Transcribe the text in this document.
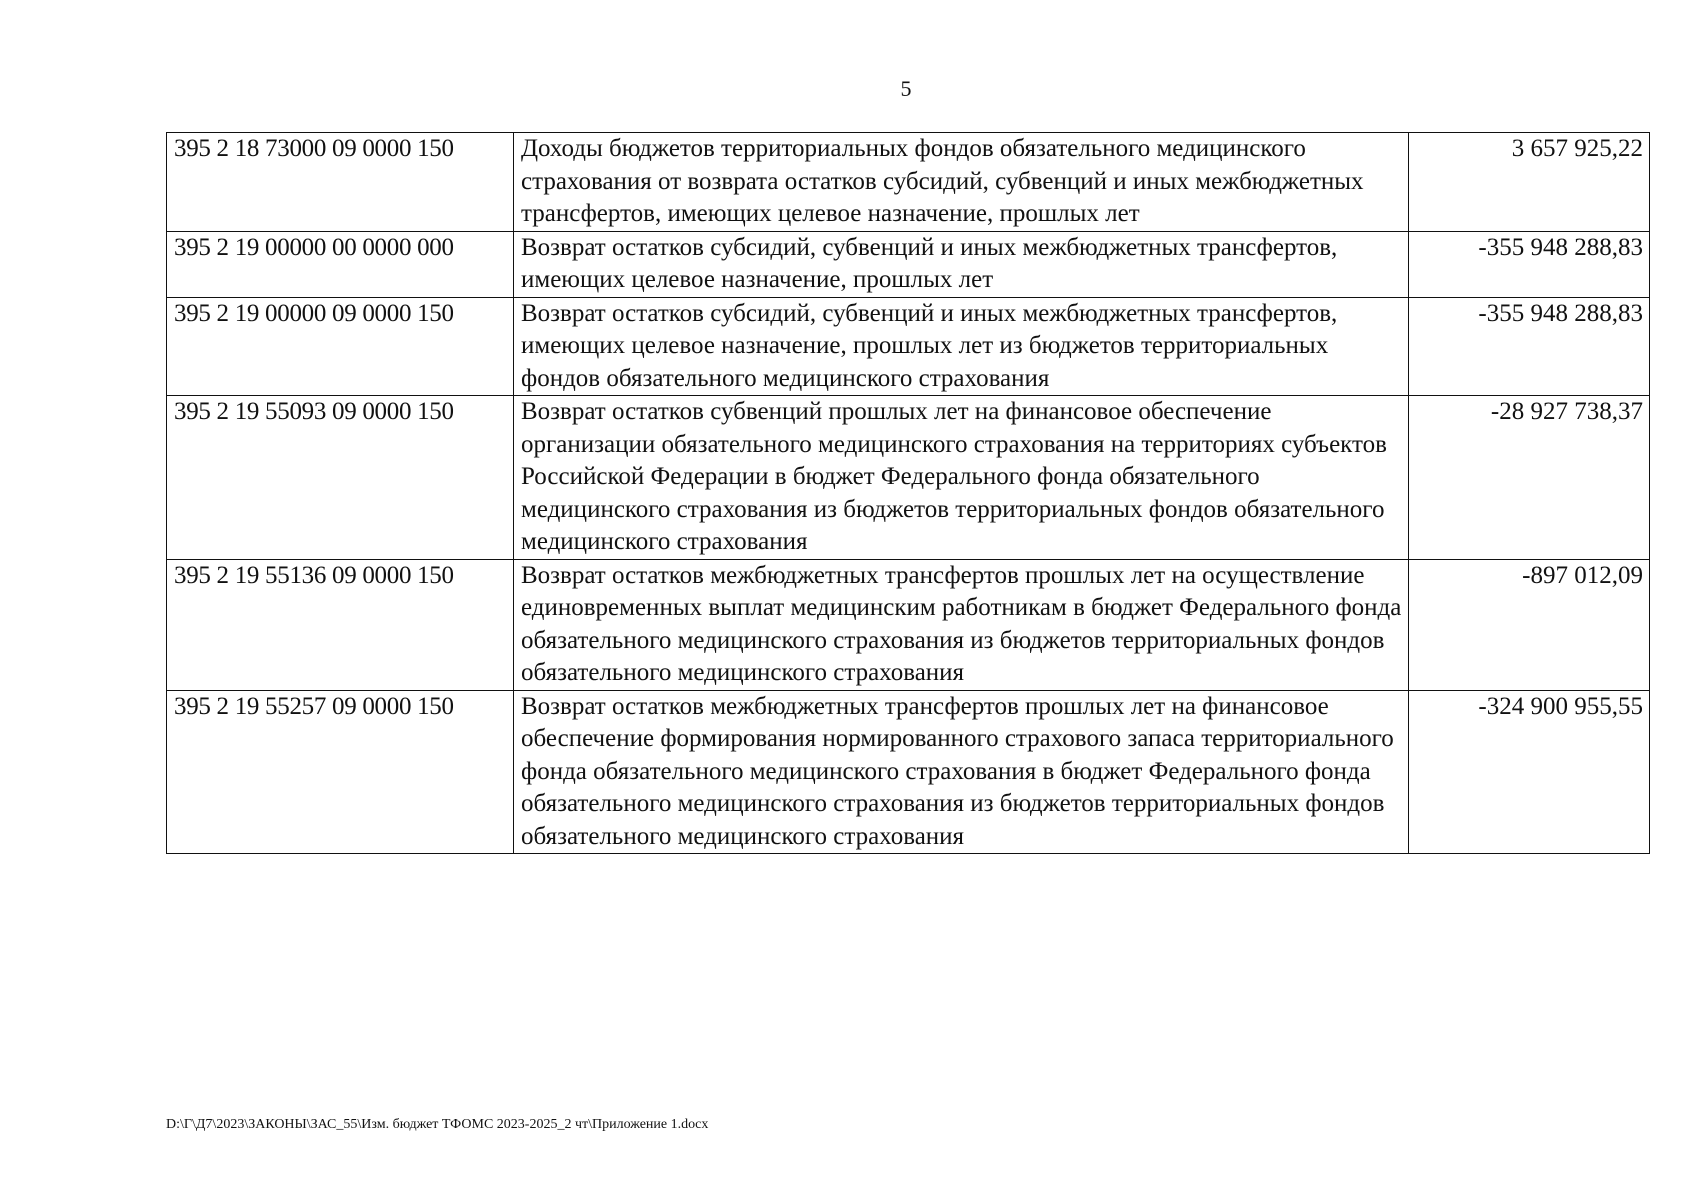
5
395 2 18 73000 09 0000 150	Доходы бюджетов территориальных фондов обязательного медицинского страхования от возврата остатков субсидий, субвенций и иных межбюджетных трансфертов, имеющих целевое назначение, прошлых лет	3 657 925,22
395 2 19 00000 00 0000 000	Возврат остатков субсидий, субвенций и иных межбюджетных трансфертов, имеющих целевое назначение, прошлых лет	-355 948 288,83
395 2 19 00000 09 0000 150	Возврат остатков субсидий, субвенций и иных межбюджетных трансфертов, имеющих целевое назначение, прошлых лет из бюджетов территориальных фондов обязательного медицинского страхования	-355 948 288,83
395 2 19 55093 09 0000 150	Возврат остатков субвенций прошлых лет на финансовое обеспечение организации обязательного медицинского страхования на территориях субъектов Российской Федерации в бюджет Федерального фонда обязательного медицинского страхования из бюджетов территориальных фондов обязательного медицинского страхования	-28 927 738,37
395 2 19 55136 09 0000 150	Возврат остатков межбюджетных трансфертов прошлых лет на осуществление единовременных выплат медицинским работникам в бюджет Федерального фонда обязательного медицинского страхования из бюджетов территориальных фондов обязательного медицинского страхования	-897 012,09
395 2 19 55257 09 0000 150	Возврат остатков межбюджетных трансфертов прошлых лет на финансовое обеспечение формирования нормированного страхового запаса территориального фонда обязательного медицинского страхования в бюджет Федерального фонда обязательного медицинского страхования из бюджетов территориальных фондов обязательного медицинского страхования	-324 900 955,55
D:\Г\Д7\2023\ЗАКОНЫ\ЗАС_55\Изм. бюджет ТФОМС 2023-2025_2 чт\Приложение 1.docx
